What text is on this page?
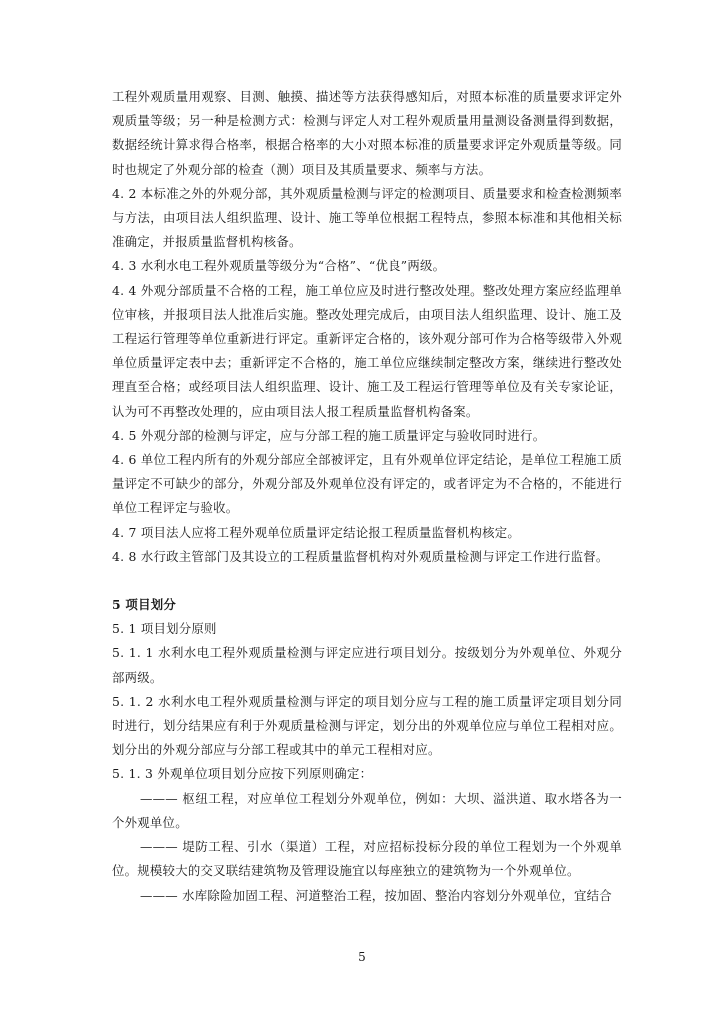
工程外观质量用观察、目测、触摸、描述等方法获得感知后，对照本标准的质量要求评定外观质量等级；另一种是检测方式：检测与评定人对工程外观质量用量测设备测量得到数据，数据经统计算求得合格率，根据合格率的大小对照本标准的质量要求评定外观质量等级。同时也规定了外观分部的检查（测）项目及其质量要求、频率与方法。

4. 2 本标准之外的外观分部，其外观质量检测与评定的检测项目、质量要求和检查检测频率与方法，由项目法人组织监理、设计、施工等单位根据工程特点，参照本标准和其他相关标准确定，并报质量监督机构核备。

4. 3 水利水电工程外观质量等级分为“合格”、“优良”两级。

4. 4 外观分部质量不合格的工程，施工单位应及时进行整改处理。整改处理方案应经监理单位审核，并报项目法人批准后实施。整改处理完成后，由项目法人组织监理、设计、施工及工程运行管理等单位重新进行评定。重新评定合格的，该外观分部可作为合格等级带入外观单位质量评定表中去；重新评定不合格的，施工单位应继续制定整改方案，继续进行整改处理直至合格；或经项目法人组织监理、设计、施工及工程运行管理等单位及有关专家论证，认为可不再整改处理的，应由项目法人报工程质量监督机构备案。

4. 5 外观分部的检测与评定，应与分部工程的施工质量评定与验收同时进行。

4. 6 单位工程内所有的外观分部应全部被评定，且有外观单位评定结论，是单位工程施工质量评定不可缺少的部分，外观分部及外观单位没有评定的，或者评定为不合格的，不能进行单位工程评定与验收。

4. 7 项目法人应将工程外观单位质量评定结论报工程质量监督机构核定。

4. 8 水行政主管部门及其设立的工程质量监督机构对外观质量检测与评定工作进行监督。

5 项目划分

5. 1 项目划分原则

5. 1. 1 水利水电工程外观质量检测与评定应进行项目划分。按级划分为外观单位、外观分部两级。

5. 1. 2 水利水电工程外观质量检测与评定的项目划分应与工程的施工质量评定项目划分同时进行，划分结果应有利于外观质量检测与评定，划分出的外观单位应与单位工程相对应。划分出的外观分部应与分部工程或其中的单元工程相对应。

5. 1. 3 外观单位项目划分应按下列原则确定：

——— 枢纽工程，对应单位工程划分外观单位，例如：大坝、溢洪道、取水塔各为一个外观单位。

——— 堤防工程、引水（渠道）工程，对应招标投标分段的单位工程划为一个外观单位。规模较大的交叉联结建筑物及管理设施宜以每座独立的建筑物为一个外观单位。

——— 水库除险加固工程、河道整治工程，按加固、整治内容划分外观单位，宜结合

5
